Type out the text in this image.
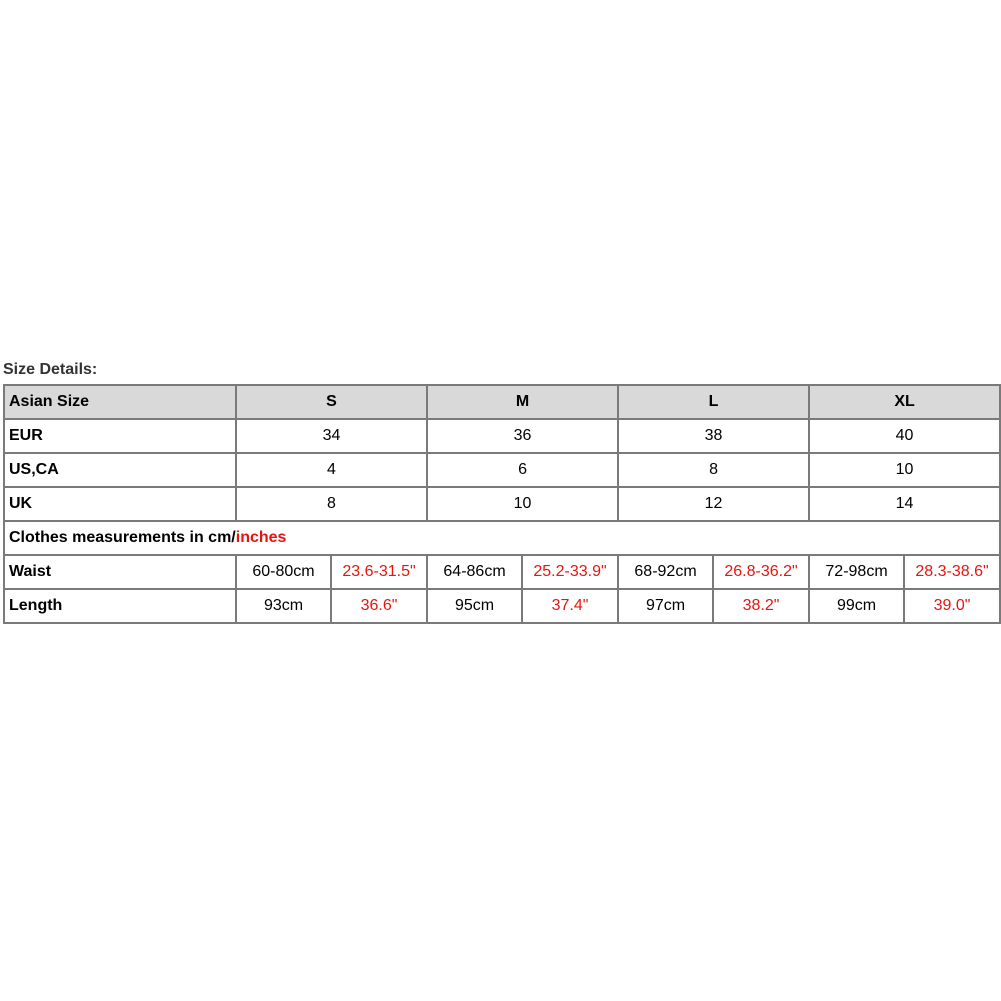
Size Details:
Asian Size	S		M		L		XL	
EUR	34		36		38		40	
US,CA	4		6		8		10	
UK	8		10		12		14	
Clothes measurements in cm/inches								
Waist	60-80cm	23.6-31.5"	64-86cm	25.2-33.9"	68-92cm	26.8-36.2"	72-98cm	28.3-38.6"
Length	93cm	36.6"	95cm	37.4"	97cm	38.2"	99cm	39.0"
